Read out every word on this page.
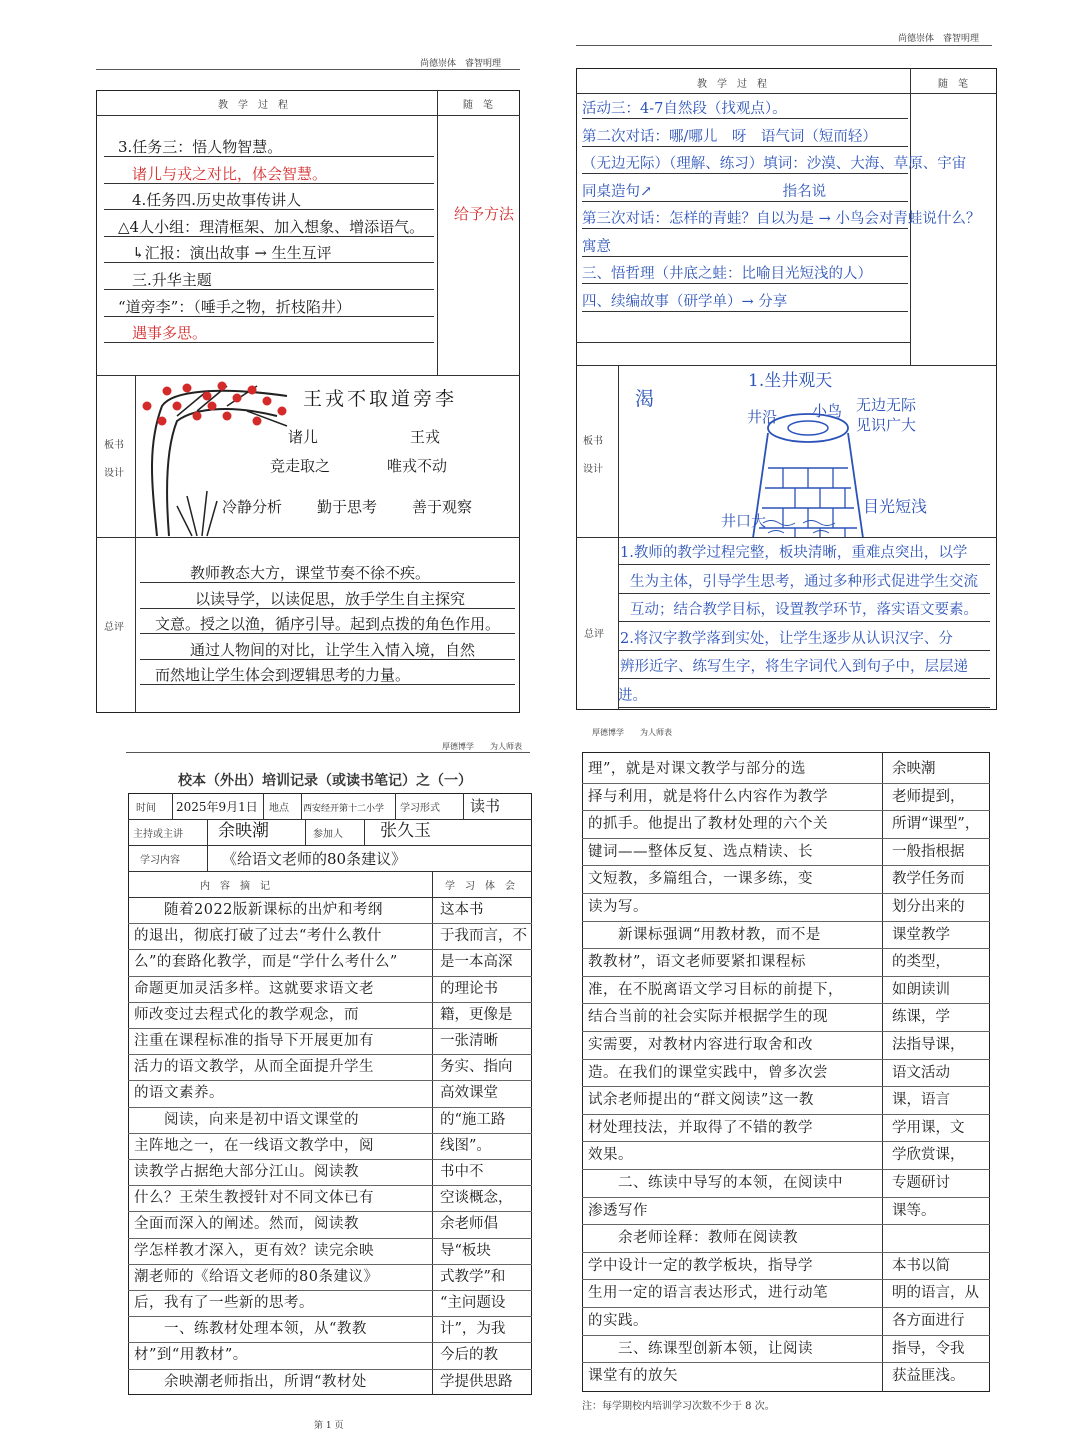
尚德崇体　睿智明理
教　学　过　程	随　笔
3.任务三：悟人物智慧。
诸儿与戎之对比，体会智慧。
4.任务四.历史故事传讲人
△4人小组：理清框架、加入想象、增添语气。
↳汇报：演出故事 → 生生互评
三.升华主题
“道旁李”：（唾手之物，折枝陷井）
遇事多思。
给予方法
板书
设计
王戎不取道旁李
诸儿	王戎
竞走取之	唯戎不动
冷静分析 勤于思考 善于观察
总评
教师教态大方，课堂节奏不徐不疾。
以读导学，以读促思，放手学生自主探究
文意。授之以渔，循序引导。起到点拨的角色作用。
通过人物间的对比，让学生入情入境，自然
而然地让学生体会到逻辑思考的力量。
尚德崇体　睿智明理
教　学　过　程	随　笔
活动三：4-7自然段（找观点）。
第二次对话：哪/哪儿　呀　语气词（短而轻）
（无边无际）（理解、练习）填词：沙漠、大海、草原、宇宙
同桌造句↗　　　　　　　　　指名说
第三次对话：怎样的青蛙？自以为是 → 小鸟会对青蛙说什么？
寓意
三、悟哲理（井底之蛙：比喻目光短浅的人）
四、续编故事（研学单）→ 分享
板书
设计
渴
1.坐井观天
井沿 小鸟 无边无际
见识广大
井口大
目光短浅
总评
1.教师的教学过程完整，板块清晰，重难点突出，以学
生为主体，引导学生思考，通过多种形式促进学生交流
互动；结合教学目标，设置教学环节，落实语文要素。
2.将汉字教学落到实处，让学生逐步从认识汉字、分
辨形近字、练写生字，将生字词代入到句子中，层层递
进。
厚德博学　　为人师表
校本（外出）培训记录（或读书笔记）之（一）
时间 2025年9月1日 地点 西安经开第十二小学 学习形式 读书
主持或主讲 余映潮	参加人 张久玉
学习内容	《给语文老师的80条建议》
内　容　摘　记	学　习　体　会
　　随着2022版新课标的出炉和考纲	这本书
的退出，彻底打破了过去“考什么教什	于我而言，不
么”的套路化教学，而是“学什么考什么”	是一本高深
命题更加灵活多样。这就要求语文老	的理论书
师改变过去程式化的教学观念，而	籍，更像是
注重在课程标准的指导下开展更加有	一张清晰
活力的语文教学，从而全面提升学生	务实、指向
的语文素养。	高效课堂
　　阅读，向来是初中语文课堂的	的“施工路
主阵地之一，在一线语文教学中，阅	线图”。
读教学占据绝大部分江山。阅读教	书中不
什么？王荣生教授针对不同文体已有	空谈概念，
全面而深入的阐述。然而，阅读教	余老师倡
学怎样教才深入，更有效？读完余映	导“板块
潮老师的《给语文老师的80条建议》	式教学”和
后，我有了一些新的思考。	“主问题设
　　一、练教材处理本领，从“教教	计”，为我
材”到“用教材”。	今后的教
　　余映潮老师指出，所谓“教材处	学提供思路
第 1 页
厚德博学　　为人师表
理”，就是对课文教学与部分的选	余映潮
择与利用，就是将什么内容作为教学	老师提到，
的抓手。他提出了教材处理的六个关	所谓“课型”，
键词——整体反复、选点精读、长	一般指根据
文短教，多篇组合，一课多练，变	教学任务而
读为写。	划分出来的
　　新课标强调“用教材教，而不是	课堂教学
教教材”，语文老师要紧扣课程标	的类型，
准，在不脱离语文学习目标的前提下，	如朗读训
结合当前的社会实际并根据学生的现	练课，学
实需要，对教材内容进行取舍和改	法指导课，
造。在我们的课堂实践中，曾多次尝	语文活动
试余老师提出的“群文阅读”这一教	课，语言
材处理技法，并取得了不错的教学	学用课，文
效果。	学欣赏课，
　　二、练读中导写的本领，在阅读中	专题研讨
渗透写作	课等。
　　余老师诠释：教师在阅读教
学中设计一定的教学板块，指导学	本书以简
生用一定的语言表达形式，进行动笔	明的语言，从
的实践。	各方面进行
　　三、练课型创新本领，让阅读	指导，令我
课堂有的放矢	获益匪浅。
注：每学期校内培训学习次数不少于 8 次。
